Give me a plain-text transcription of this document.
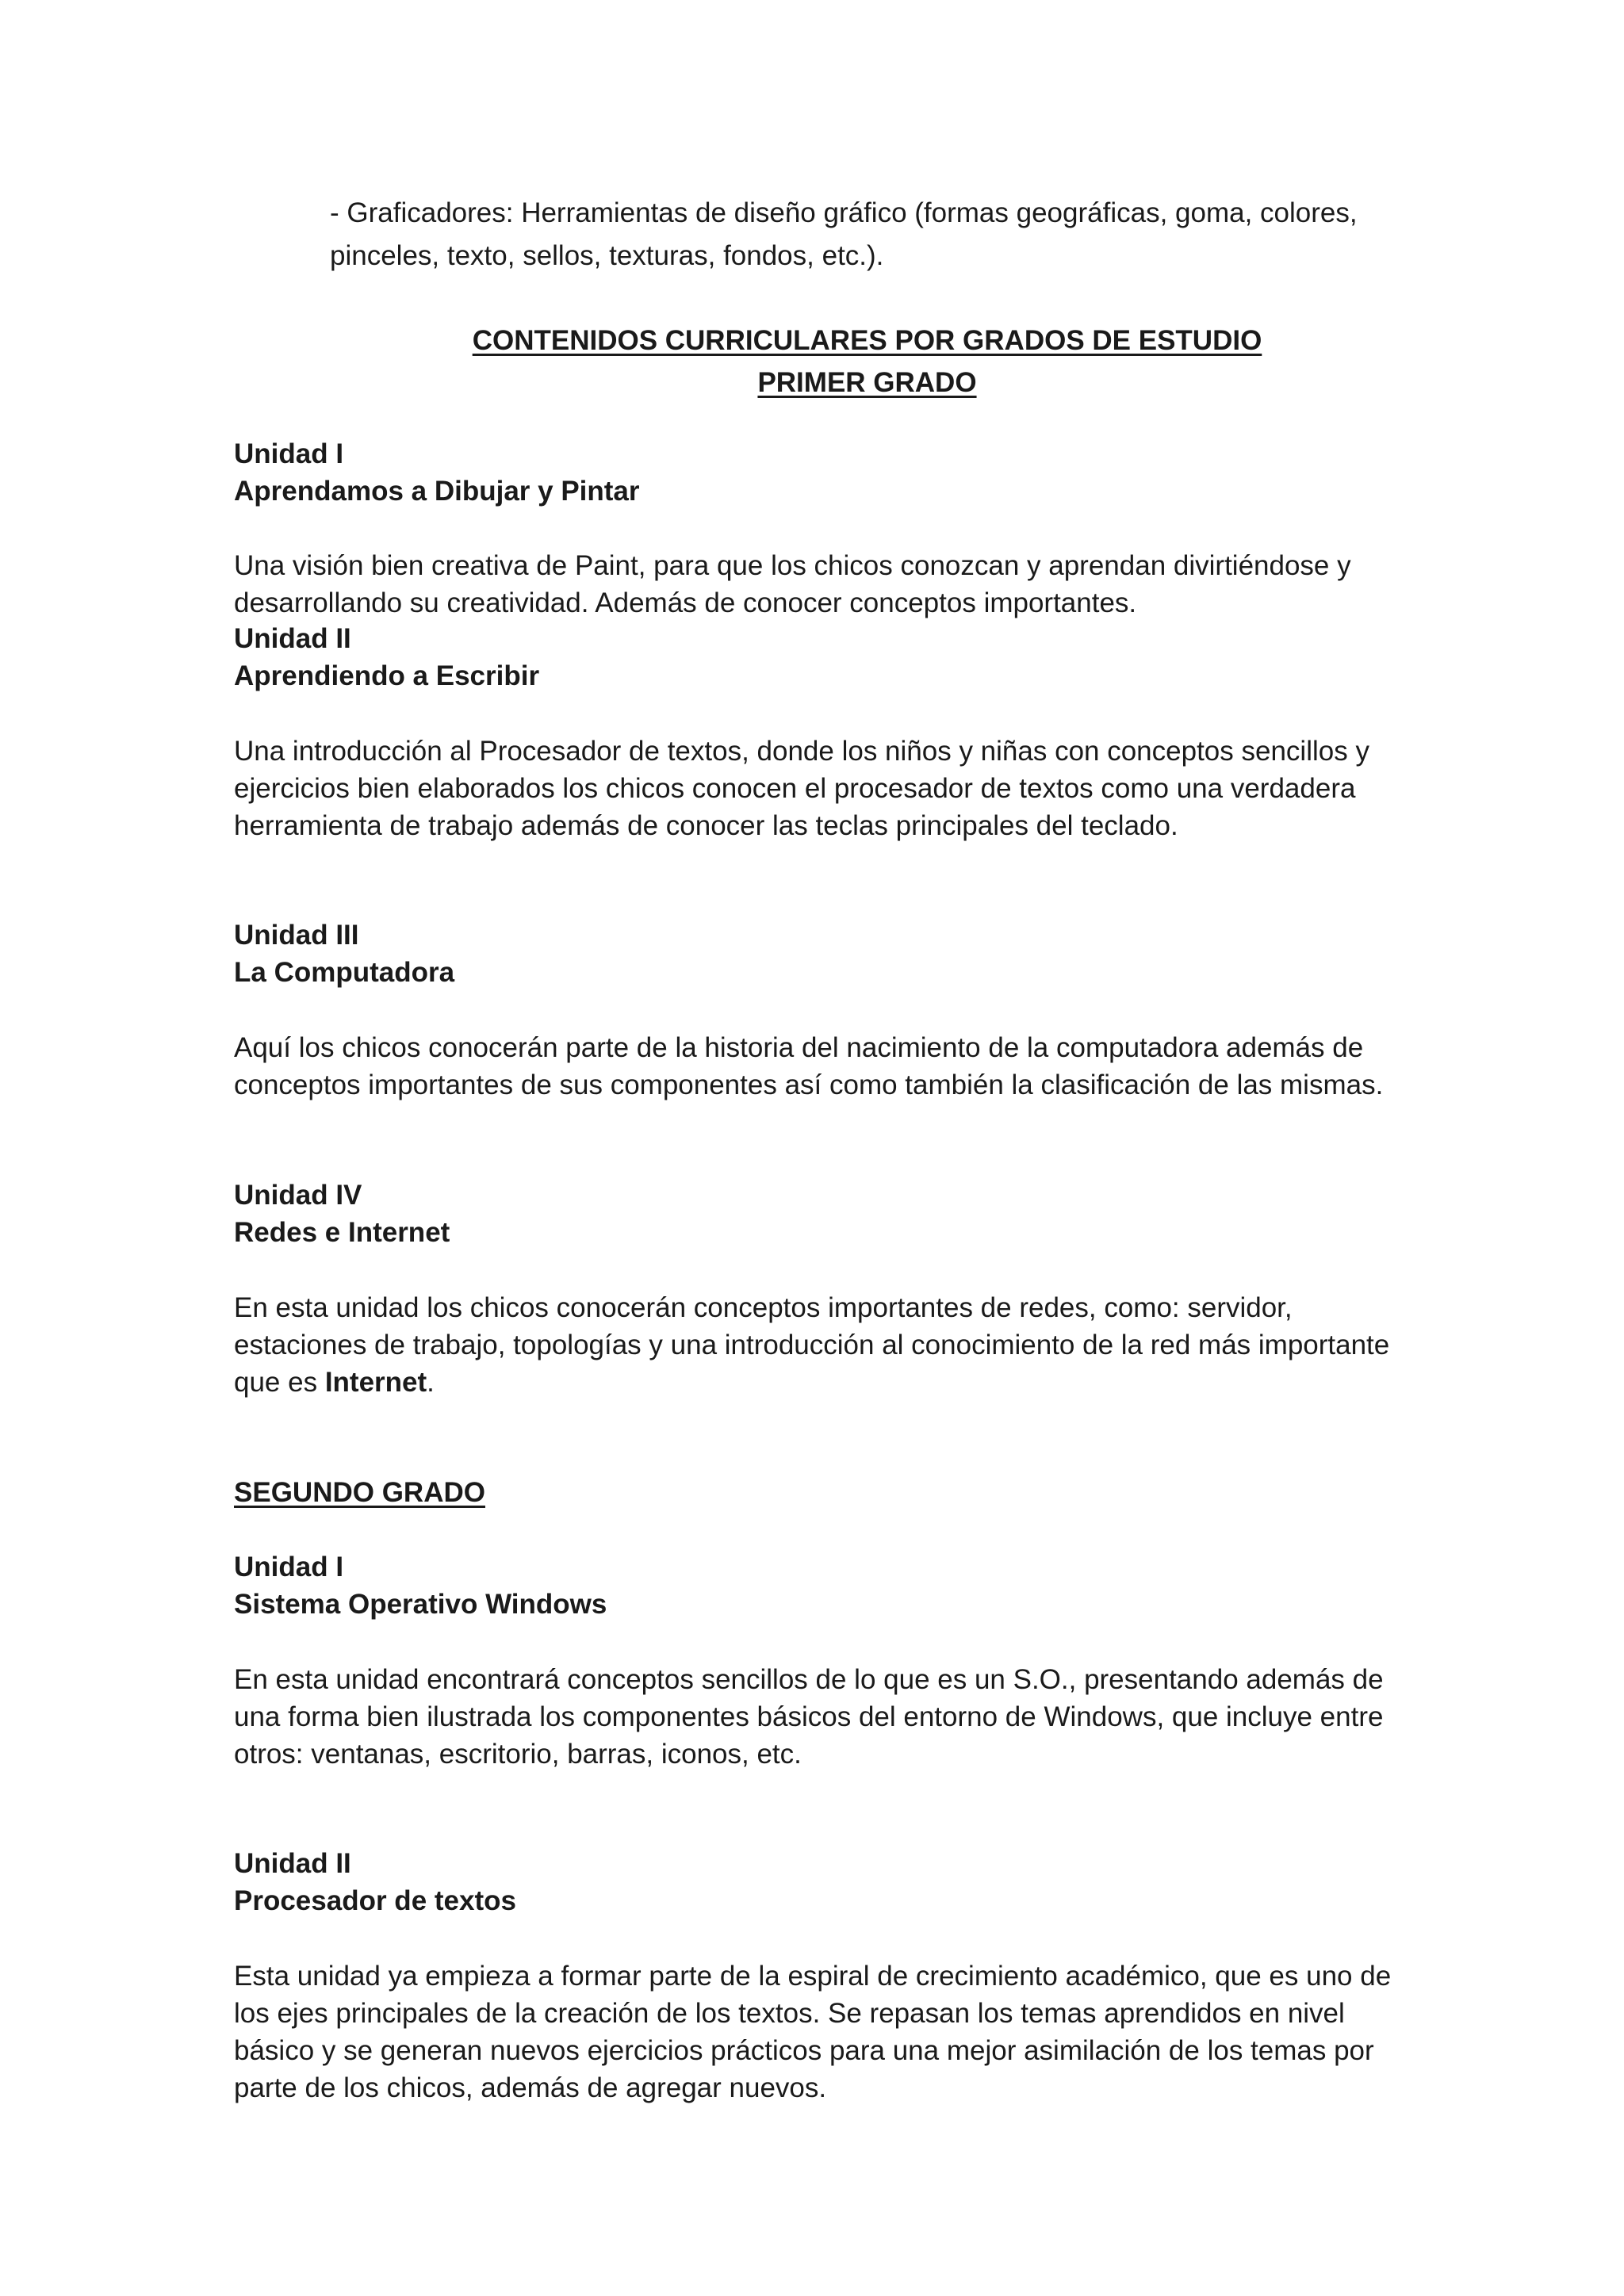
- Graficadores: Herramientas de diseño gráfico (formas geográficas, goma, colores, pinceles, texto, sellos, texturas, fondos, etc.).

CONTENIDOS CURRICULARES POR GRADOS DE ESTUDIO

PRIMER GRADO

Unidad I

Aprendamos a Dibujar y Pintar

Una visión bien creativa de Paint, para que los chicos conozcan y aprendan divirtiéndose y desarrollando su creatividad. Además de conocer conceptos importantes.

Unidad II

Aprendiendo a Escribir

Una introducción al Procesador de textos, donde los niños y niñas con conceptos sencillos y ejercicios bien elaborados los chicos conocen el procesador de textos como una verdadera herramienta de trabajo además de conocer las teclas principales del teclado.

Unidad III

La Computadora

Aquí los chicos conocerán parte de la historia del nacimiento de la computadora además de conceptos importantes de sus componentes así como también la clasificación de las mismas.

Unidad IV

Redes e Internet

En esta unidad los chicos conocerán conceptos importantes de redes, como: servidor, estaciones de trabajo, topologías y una introducción al conocimiento de la red más importante que es Internet.

SEGUNDO GRADO

Unidad I

Sistema Operativo Windows

En esta unidad encontrará conceptos sencillos de lo que es un S.O., presentando además de una forma bien ilustrada los componentes básicos del entorno de Windows, que incluye entre otros: ventanas, escritorio, barras, iconos, etc.

Unidad II

Procesador de textos

Esta unidad ya empieza a formar parte de la espiral de crecimiento académico, que es uno de los ejes principales de la creación de los textos. Se repasan los temas aprendidos en nivel básico y se generan nuevos ejercicios prácticos para una mejor asimilación de los temas por parte de los chicos, además de agregar nuevos.
